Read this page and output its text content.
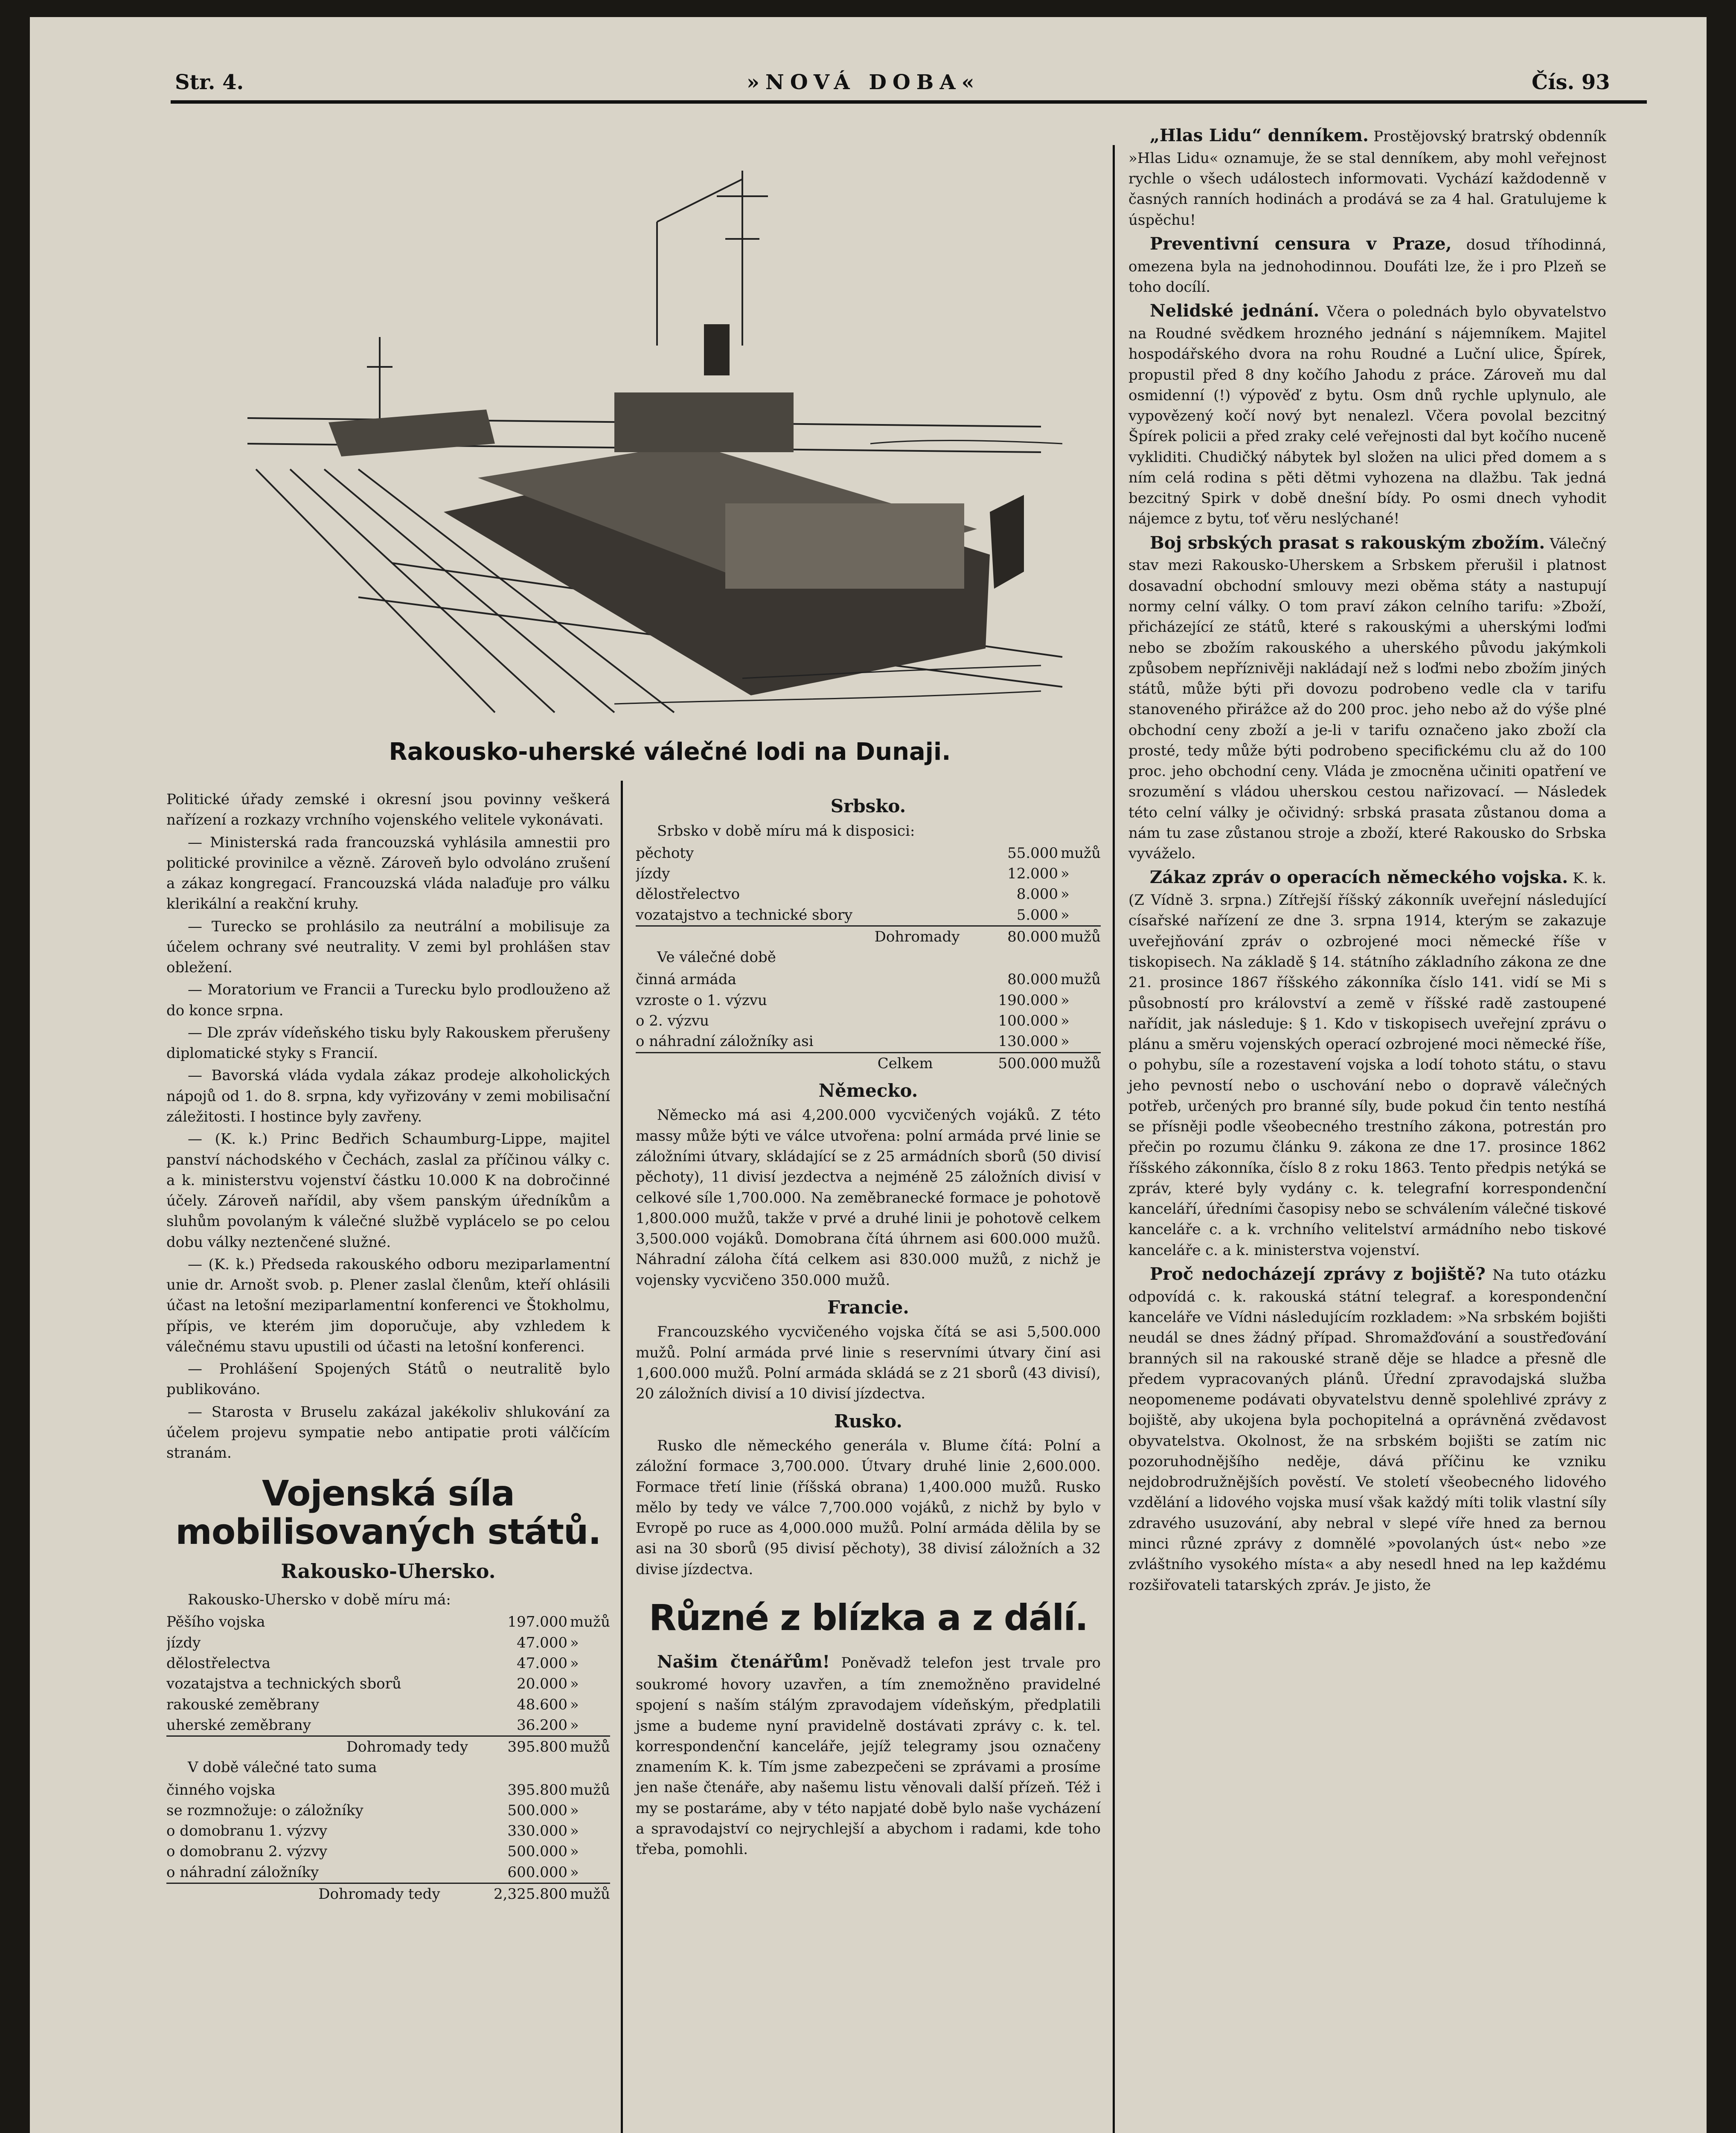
Str. 4.	»NOVÁ DOBA«	Čís. 93
Rakousko-uherské válečné lodi na Dunaji.

Politické úřady zemské i okresní jsou povinny veškerá nařízení a rozkazy vrchního vojenského velitele vykonávati.

— Ministerská rada francouzská vyhlásila amnestii pro politické provinilce a vězně. Zároveň bylo odvoláno zrušení a zákaz kongregací. Francouzská vláda nalaďuje pro válku klerikální a reakční kruhy.

— Turecko se prohlásilo za neutrální a mobilisuje za účelem ochrany své neutrality. V zemi byl prohlášen stav obležení.

— Moratorium ve Francii a Turecku bylo prodlouženo až do konce srpna.

— Dle zpráv vídeňského tisku byly Rakouskem přerušeny diplomatické styky s Francií.

— Bavorská vláda vydala zákaz prodeje alkoholických nápojů od 1. do 8. srpna, kdy vyřizovány v zemi mobilisační záležitosti. I hostince byly zavřeny.

— (K. k.) Princ Bedřich Schaumburg-Lippe, majitel panství náchodského v Čechách, zaslal za příčinou války c. a k. ministerstvu vojenství částku 10.000 K na dobročinné účely. Zároveň nařídil, aby všem panským úředníkům a sluhům povolaným k válečné službě vyplácelo se po celou dobu války neztenčené služné.

— (K. k.) Předseda rakouského odboru meziparlamentní unie dr. Arnošt svob. p. Plener zaslal členům, kteří ohlásili účast na letošní meziparlamentní konferenci ve Štokholmu, přípis, ve kterém jim doporučuje, aby vzhledem k válečnému stavu upustili od účasti na letošní konferenci.

— Prohlášení Spojených Států o neutralitě bylo publikováno.

— Starosta v Bruselu zakázal jakékoliv shlukování za účelem projevu sympatie nebo antipatie proti válčícím stranám.

Vojenská síla mobilisovaných států.
Rakousko-Uhersko.

Rakousko-Uhersko v době míru má:

Pěšího vojska	197.000	mužů
jízdy	47.000	»
dělostřelectva	47.000	»
vozatajstva a technických sborů	20.000	»
rakouské zeměbrany	48.600	»
uherské zeměbrany	36.200	»
Dohromady tedy	395.800	mužů

V době válečné tato suma

činného vojska	395.800	mužů
se rozmnožuje: o záložníky	500.000	»
o domobranu 1. výzvy	330.000	»
o domobranu 2. výzvy	500.000	»
o náhradní záložníky	600.000	»
Dohromady tedy	2,325.800	mužů
Srbsko.

Srbsko v době míru má k disposici:

pěchoty	55.000	mužů
jízdy	12.000	»
dělostřelectvo	8.000	»
vozatajstvo a technické sbory	5.000	»
Dohromady	80.000	mužů

Ve válečné době

činná armáda	80.000	mužů
vzroste o 1. výzvu	190.000	»
o 2. výzvu	100.000	»
o náhradní záložníky asi	130.000	»
Celkem	500.000	mužů
Německo.

Německo má asi 4,200.000 vycvičených vojáků. Z této massy může býti ve válce utvořena: polní armáda prvé linie se záložními útvary, skládající se z 25 armádních sborů (50 divisí pěchoty), 11 divisí jezdectva a nejméně 25 záložních divisí v celkové síle 1,700.000. Na zeměbranecké formace je pohotově 1,800.000 mužů, takže v prvé a druhé linii je pohotově celkem 3,500.000 vojáků. Domobrana čítá úhrnem asi 600.000 mužů. Náhradní záloha čítá celkem asi 830.000 mužů, z nichž je vojensky vycvičeno 350.000 mužů.

Francie.

Francouzského vycvičeného vojska čítá se asi 5,500.000 mužů. Polní armáda prvé linie s reservními útvary činí asi 1,600.000 mužů. Polní armáda skládá se z 21 sborů (43 divisí), 20 záložních divisí a 10 divisí jízdectva.

Rusko.

Rusko dle německého generála v. Blume čítá: Polní a záložní formace 3,700.000. Útvary druhé linie 2,600.000. Formace třetí linie (říšská obrana) 1,400.000 mužů. Rusko mělo by tedy ve válce 7,700.000 vojáků, z nichž by bylo v Evropě po ruce as 4,000.000 mužů. Polní armáda dělila by se asi na 30 sborů (95 divisí pěchoty), 38 divisí záložních a 32 divise jízdectva.

Různé z blízka a z dálí.

Našim čtenářům! Poněvadž telefon jest trvale pro soukromé hovory uzavřen, a tím znemožněno pravidelné spojení s naším stálým zpravodajem vídeňským, předplatili jsme a budeme nyní pravidelně dostávati zprávy c. k. tel. korrespondenční kanceláře, jejíž telegramy jsou označeny znamením K. k. Tím jsme zabezpečeni se zprávami a prosíme jen naše čtenáře, aby našemu listu věnovali další přízeň. Též i my se postaráme, aby v této napjaté době bylo naše vycházení a spravodajství co nejrychlejší a abychom i radami, kde toho třeba, pomohli.

„Hlas Lidu“ denníkem. Prostějovský bratrský obdenník »Hlas Lidu« oznamuje, že se stal denníkem, aby mohl veřejnost rychle o všech událostech informovati. Vychází každodenně v časných ranních hodinách a prodává se za 4 hal. Gratulujeme k úspěchu!

Preventivní censura v Praze, dosud tříhodinná, omezena byla na jednohodinnou. Doufáti lze, že i pro Plzeň se toho docílí.

Nelidské jednání. Včera o polednách bylo obyvatelstvo na Roudné svědkem hrozného jednání s nájemníkem. Majitel hospodářského dvora na rohu Roudné a Luční ulice, Špírek, propustil před 8 dny kočího Jahodu z práce. Zároveň mu dal osmidenní (!) výpověď z bytu. Osm dnů rychle uplynulo, ale vypovězený kočí nový byt nenalezl. Včera povolal bezcitný Špírek policii a před zraky celé veřejnosti dal byt kočího nuceně vykliditi. Chudičký nábytek byl složen na ulici před domem a s ním celá rodina s pěti dětmi vyhozena na dlažbu. Tak jedná bezcitný Spirk v době dnešní bídy. Po osmi dnech vyhodit nájemce z bytu, toť věru neslýchané!

Boj srbských prasat s rakouským zbožím. Válečný stav mezi Rakousko-Uherskem a Srbskem přerušil i platnost dosavadní obchodní smlouvy mezi oběma státy a nastupují normy celní války. O tom praví zákon celního tarifu: »Zboží, přicházející ze států, které s rakouskými a uherskými loďmi nebo se zbožím rakouského a uherského původu jakýmkoli způsobem nepříznivěji nakládají než s loďmi nebo zbožím jiných států, může býti při dovozu podrobeno vedle cla v tarifu stanoveného přirážce až do 200 proc. jeho nebo až do výše plné obchodní ceny zboží a je-li v tarifu označeno jako zboží cla prosté, tedy může býti podrobeno specifickému clu až do 100 proc. jeho obchodní ceny. Vláda je zmocněna učiniti opatření ve srozumění s vládou uherskou cestou nařizovací. — Následek této celní války je očividný: srbská prasata zůstanou doma a nám tu zase zůstanou stroje a zboží, které Rakousko do Srbska vyváželo.

Zákaz zpráv o operacích německého vojska. K. k. (Z Vídně 3. srpna.) Zítřejší říšský zákonník uveřejní následující císařské nařízení ze dne 3. srpna 1914, kterým se zakazuje uveřejňování zpráv o ozbrojené moci německé říše v tiskopisech. Na základě § 14. státního základního zákona ze dne 21. prosince 1867 říšského zákonníka číslo 141. vidí se Mi s působností pro království a země v říšské radě zastoupené nařídit, jak následuje: § 1. Kdo v tiskopisech uveřejní zprávu o plánu a směru vojenských operací ozbrojené moci německé říše, o pohybu, síle a rozestavení vojska a lodí tohoto státu, o stavu jeho pevností nebo o uschování nebo o dopravě válečných potřeb, určených pro branné síly, bude pokud čin tento nestíhá se přísněji podle všeobecného trestního zákona, potrestán pro přečin po rozumu článku 9. zákona ze dne 17. prosince 1862 říšského zákonníka, číslo 8 z roku 1863. Tento předpis netýká se zpráv, které byly vydány c. k. telegrafní korrespondenční kanceláří, úředními časopisy nebo se schválením válečné tiskové kanceláře c. a k. vrchního velitelství armádního nebo tiskové kanceláře c. a k. ministerstva vojenství.

Proč nedocházejí zprávy z bojiště? Na tuto otázku odpovídá c. k. rakouská státní telegraf. a korespondenční kanceláře ve Vídni následujícím rozkladem: »Na srbském bojišti neudál se dnes žádný případ. Shromažďování a soustřeďování branných sil na rakouské straně děje se hladce a přesně dle předem vypracovaných plánů. Úřední zpravodajská služba neopomeneme podávati obyvatelstvu denně spolehlivé zprávy z bojiště, aby ukojena byla pochopitelná a oprávněná zvědavost obyvatelstva. Okolnost, že na srbském bojišti se zatím nic pozoruhodnějšího neděje, dává příčinu ke vzniku nejdobrodružnějších pověstí. Ve století všeobecného lidového vzdělání a lidového vojska musí však každý míti tolik vlastní síly zdravého usuzování, aby nebral v slepé víře hned za bernou minci různé zprávy z domnělé »povolaných úst« nebo »ze zvláštního vysokého místa« a aby nesedl hned na lep každému rozšiřovateli tatarských zpráv. Je jisto, že
